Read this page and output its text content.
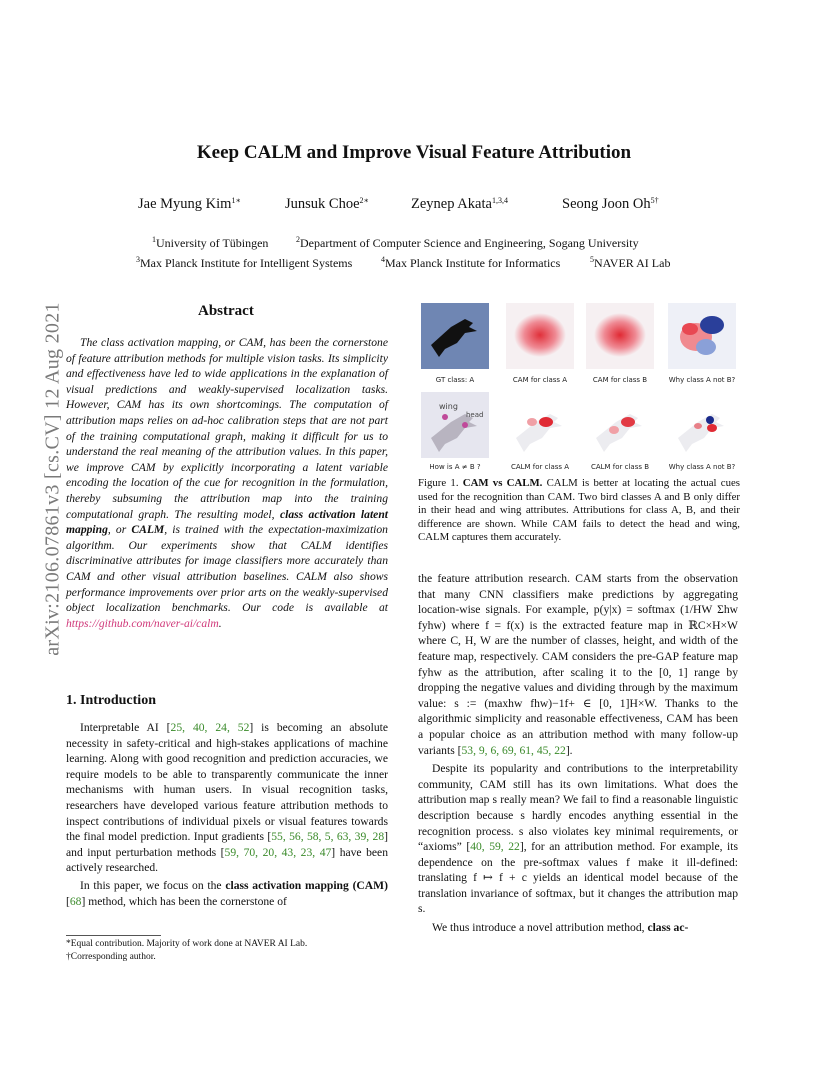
arXiv:2106.07861v3 [cs.CV] 12 Aug 2021
Keep CALM and Improve Visual Feature Attribution
Jae Myung Kim$^{1∗}$	Junsuk Choe$^{2∗}$	Zeynep Akata$^{1,3,4}$	Seong Joon $Oh^{5\dagger}$
$^1$University of Tübingen	$^2$Department of Computer Science and Engineering, Sogang University
$^3$Max Planck Institute for Intelligent Systems	$^4$Max Planck Institute for Informatics	$^5$NAVER AI Lab
Abstract

The class activation mapping, or CAM, has been the cornerstone of feature attribution methods for multiple vision tasks. Its simplicity and effectiveness have led to wide applications in the explanation of visual predictions and weakly-supervised localization tasks. However, CAM has its own shortcomings. The computation of attribution maps relies on ad-hoc calibration steps that are not part of the training computational graph, making it difficult for us to understand the real meaning of the attribution values. In this paper, we improve CAM by explicitly incorporating a latent variable encoding the location of the cue for recognition in the formulation, thereby subsuming the attribution map into the training computational graph. The resulting model, class activation latent mapping, or CALM, is trained with the expectation-maximization algorithm. Our experiments show that CALM identifies discriminative attributes for image classifiers more accurately than CAM and other visual attribution baselines. CALM also shows performance improvements over prior arts on the weakly-supervised object localization benchmarks. Our code is available at https://github.com/naver-ai/calm.

1. Introduction

Interpretable AI [25, 40, 24, 52] is becoming an absolute necessity in safety-critical and high-stakes applications of machine learning. Along with good recognition and prediction accuracies, we require models to be able to transparently communicate the inner mechanisms with human users. In visual recognition tasks, researchers have developed various feature attribution methods to inspect contributions of individual pixels or visual features towards the final model prediction. Input gradients [55, 56, 58, 5, 63, 39, 28] and input perturbation methods [59, 70, 20, 43, 23, 47] have been actively researched.

In this paper, we focus on the class activation mapping (CAM) [68] method, which has been the cornerstone of

*Equal contribution. Majority of work done at NAVER AI Lab.
†Corresponding author.
GT class: A	CAM for class A	CAM for class B	Why class A not B?
wing
head
How is A ≠ B ?	CALM for class A	CALM for class B	Why class A not B?
Figure 1. CAM vs CALM. CALM is better at locating the actual cues used for the recognition than CAM. Two bird classes A and B only differ in their head and wing attributes. Attributions for class A, B, and their difference are shown. While CAM fails to detect the head and wing, CALM captures them accurately.

the feature attribution research. CAM starts from the observation that many CNN classifiers make predictions by aggregating location-wise signals. For example, p(y|x) = softmax (1/HW Σhw fyhw) where f = f(x) is the extracted feature map in ℝC×H×W where C, H, W are the number of classes, height, and width of the feature map, respectively. CAM considers the pre-GAP feature map fyhw as the attribution, after scaling it to the [0, 1] range by dropping the negative values and dividing through by the maximum value: s := (maxhw fhw)−1f+ ∈ [0, 1]H×W. Thanks to the algorithmic simplicity and reasonable effectiveness, CAM has been a popular choice as an attribution method with many follow-up variants [53, 9, 6, 69, 61, 45, 22].

Despite its popularity and contributions to the interpretability community, CAM still has its own limitations. What does the attribution map s really mean? We fail to find a reasonable linguistic description because s hardly encodes anything essential in the recognition process. s also violates key minimal requirements, or “axioms” [40, 59, 22], for an attribution method. For example, its dependence on the pre-softmax values f make it ill-defined: translating f ↦ f + c yields an identical model because of the translation invariance of softmax, but it changes the attribution map s.

We thus introduce a novel attribution method, class ac-
